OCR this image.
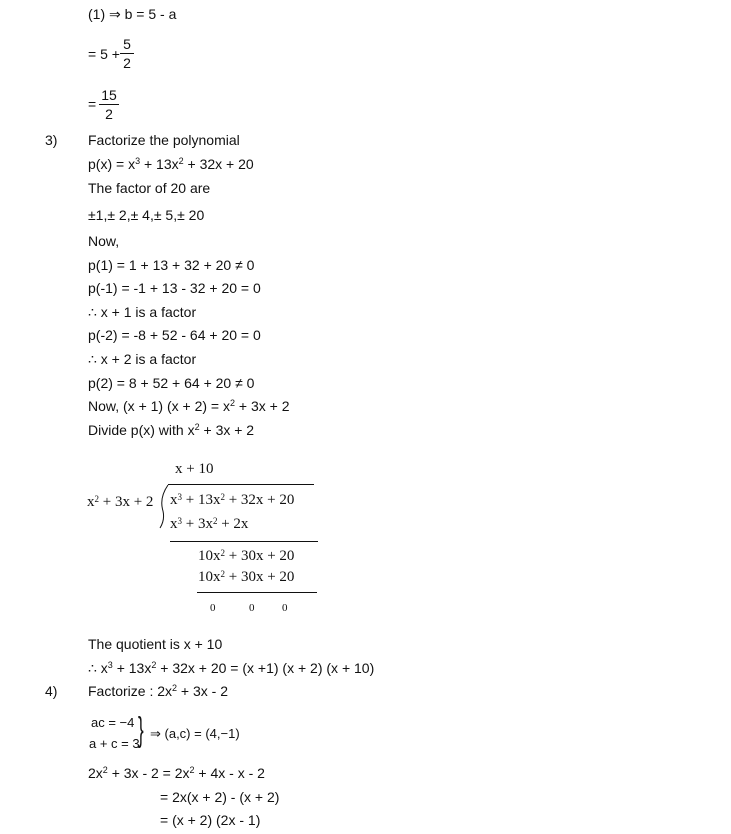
(1) ⇒ b = 5 - a
= 5 +
5
2
=
15
2
3) Factorize the polynomial
$p(x) = x^3 + 13x^2 + 32x + 20$
The factor of 20 are
±1,± 2,± 4,± 5,± 20
Now,
p(1) = 1 + 13 + 32 + 20 ≠ 0
p(-1) = -1 + 13 - 32 + 20 = 0
∴ x + 1 is a factor
p(-2) = -8 + 52 - 64 + 20 = 0
∴ x + 2 is a factor
p(2) = 8 + 52 + 64 + 20 ≠ 0
Now, (x + 1) $(x + 2) = x^2 + 3x + 2$
Divide p(x) with $x^2 + 3x + 2$
x + 10
$x^2 + 3x + 2$ $x^3 + 13x^2 + 32x + 20$
$x^3 + 3x^2 + 2x$
$10x^2 + 30x + 20$
$10x^2 + 30x + 20$
0	0	0
The quotient is x + 10
∴ $x^3 + 13x^2 + 32x + 20 = (x +1) (x + 2) (x + 10)$
4) Factorize : $2x^2 + 3x - 2$
ac = −4
a + c = 3
} ⇒ (a,c) = (4,−1)
$2x^2 + 3x - 2 = 2x^2 + 4x - x - 2$
= 2x(x + 2) - (x + 2)
= (x + 2) (2x - 1)
